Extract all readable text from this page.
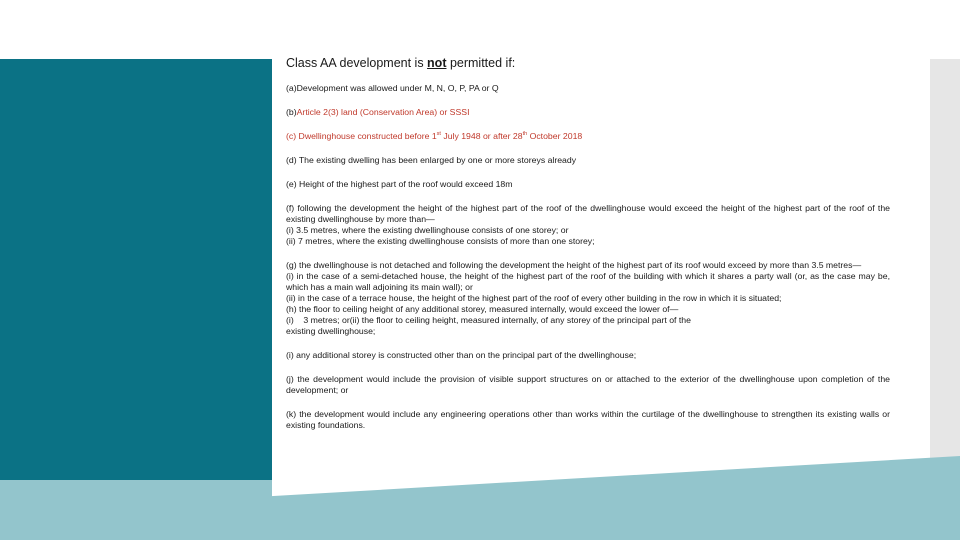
Class AA development is not permitted if:

(a)Development was allowed under M, N, O, P, PA or Q

(b)Article 2(3) land (Conservation Area) or SSSI

(c) Dwellinghouse constructed before 1st July 1948 or after 28th October 2018

(d) The existing dwelling has been enlarged by one or more storeys already

(e) Height of the highest part of the roof would exceed 18m

(f) following the development the height of the highest part of the roof of the dwellinghouse would exceed the height of the highest part of the roof of the existing dwellinghouse by more than—
(i) 3.5 metres, where the existing dwellinghouse consists of one storey; or
(ii) 7 metres, where the existing dwellinghouse consists of more than one storey;
(g) the dwellinghouse is not detached and following the development the height of the highest part of its roof would exceed by more than 3.5 metres—
(i) in the case of a semi-detached house, the height of the highest part of the roof of the building with which it shares a party wall (or, as the case may be, which has a main wall adjoining its main wall); or
(ii) in the case of a terrace house, the height of the highest part of the roof of every other building in the row in which it is situated;
(h) the floor to ceiling height of any additional storey, measured internally, would exceed the lower of—
(i)    3 metres; or(ii) the floor to ceiling height, measured internally, of any storey of the principal part of the
existing dwellinghouse;

(i) any additional storey is constructed other than on the principal part of the dwellinghouse;

(j) the development would include the provision of visible support structures on or attached to the exterior of the dwellinghouse upon completion of the development; or

(k) the development would include any engineering operations other than works within the curtilage of the dwellinghouse to strengthen its existing walls or existing foundations.
